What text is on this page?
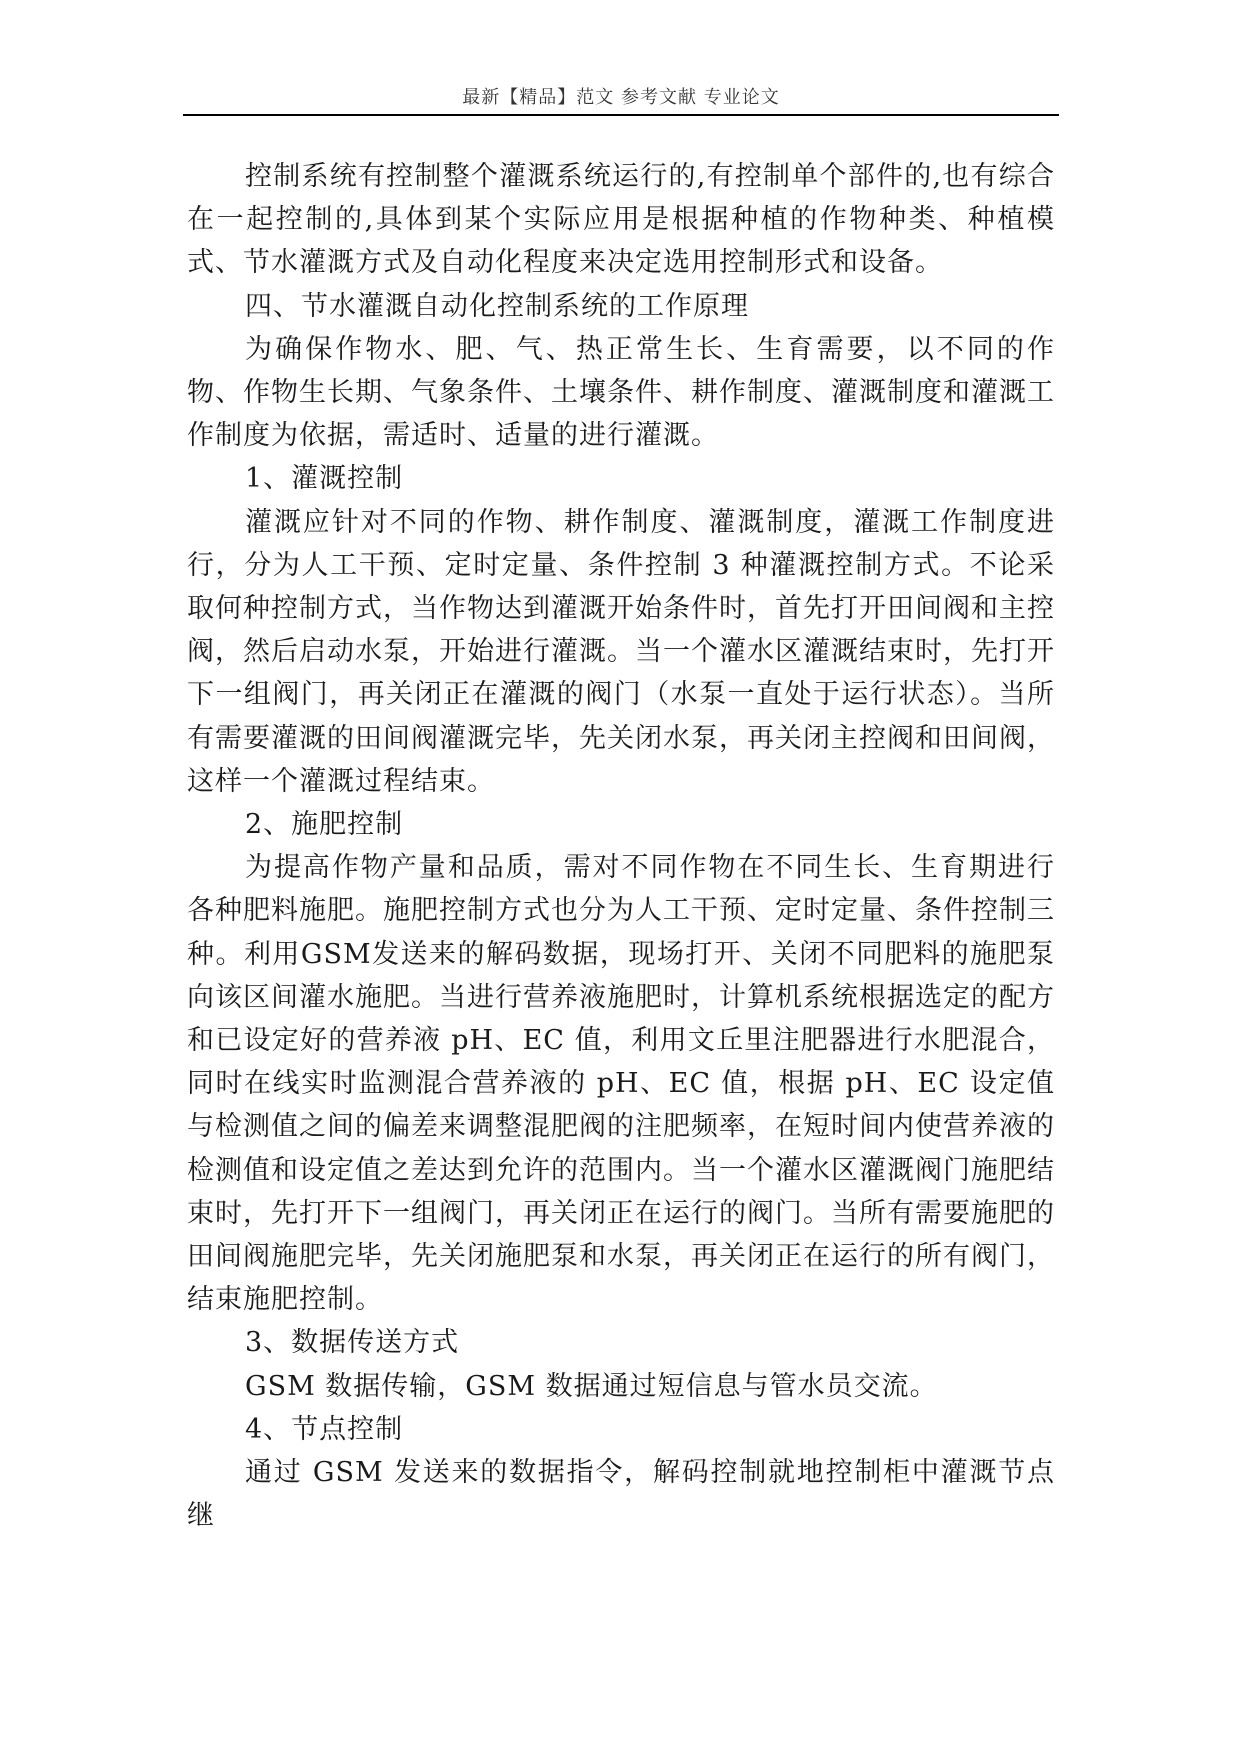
最新【精品】范文 参考文献 专业论文

控制系统有控制整个灌溉系统运行的,有控制单个部件的,也有综合在一起控制的,具体到某个实际应用是根据种植的作物种类、种植模式、节水灌溉方式及自动化程度来决定选用控制形式和设备。

四、节水灌溉自动化控制系统的工作原理

为确保作物水、肥、气、热正常生长、生育需要，以不同的作物、作物生长期、气象条件、土壤条件、耕作制度、灌溉制度和灌溉工作制度为依据，需适时、适量的进行灌溉。

1、灌溉控制

灌溉应针对不同的作物、耕作制度、灌溉制度，灌溉工作制度进行，分为人工干预、定时定量、条件控制 3 种灌溉控制方式。不论采取何种控制方式，当作物达到灌溉开始条件时，首先打开田间阀和主控阀，然后启动水泵，开始进行灌溉。当一个灌水区灌溉结束时，先打开下一组阀门，再关闭正在灌溉的阀门（水泵一直处于运行状态）。当所有需要灌溉的田间阀灌溉完毕，先关闭水泵，再关闭主控阀和田间阀，这样一个灌溉过程结束。

2、施肥控制

为提高作物产量和品质，需对不同作物在不同生长、生育期进行各种肥料施肥。施肥控制方式也分为人工干预、定时定量、条件控制三种。利用GSM发送来的解码数据，现场打开、关闭不同肥料的施肥泵向该区间灌水施肥。当进行营养液施肥时，计算机系统根据选定的配方和已设定好的营养液 pH、EC 值，利用文丘里注肥器进行水肥混合，同时在线实时监测混合营养液的 pH、EC 值，根据 pH、EC 设定值与检测值之间的偏差来调整混肥阀的注肥频率，在短时间内使营养液的检测值和设定值之差达到允许的范围内。当一个灌水区灌溉阀门施肥结束时，先打开下一组阀门，再关闭正在运行的阀门。当所有需要施肥的田间阀施肥完毕，先关闭施肥泵和水泵，再关闭正在运行的所有阀门，结束施肥控制。

3、数据传送方式

GSM 数据传输，GSM 数据通过短信息与管水员交流。

4、节点控制

通过 GSM 发送来的数据指令，解码控制就地控制柜中灌溉节点继
